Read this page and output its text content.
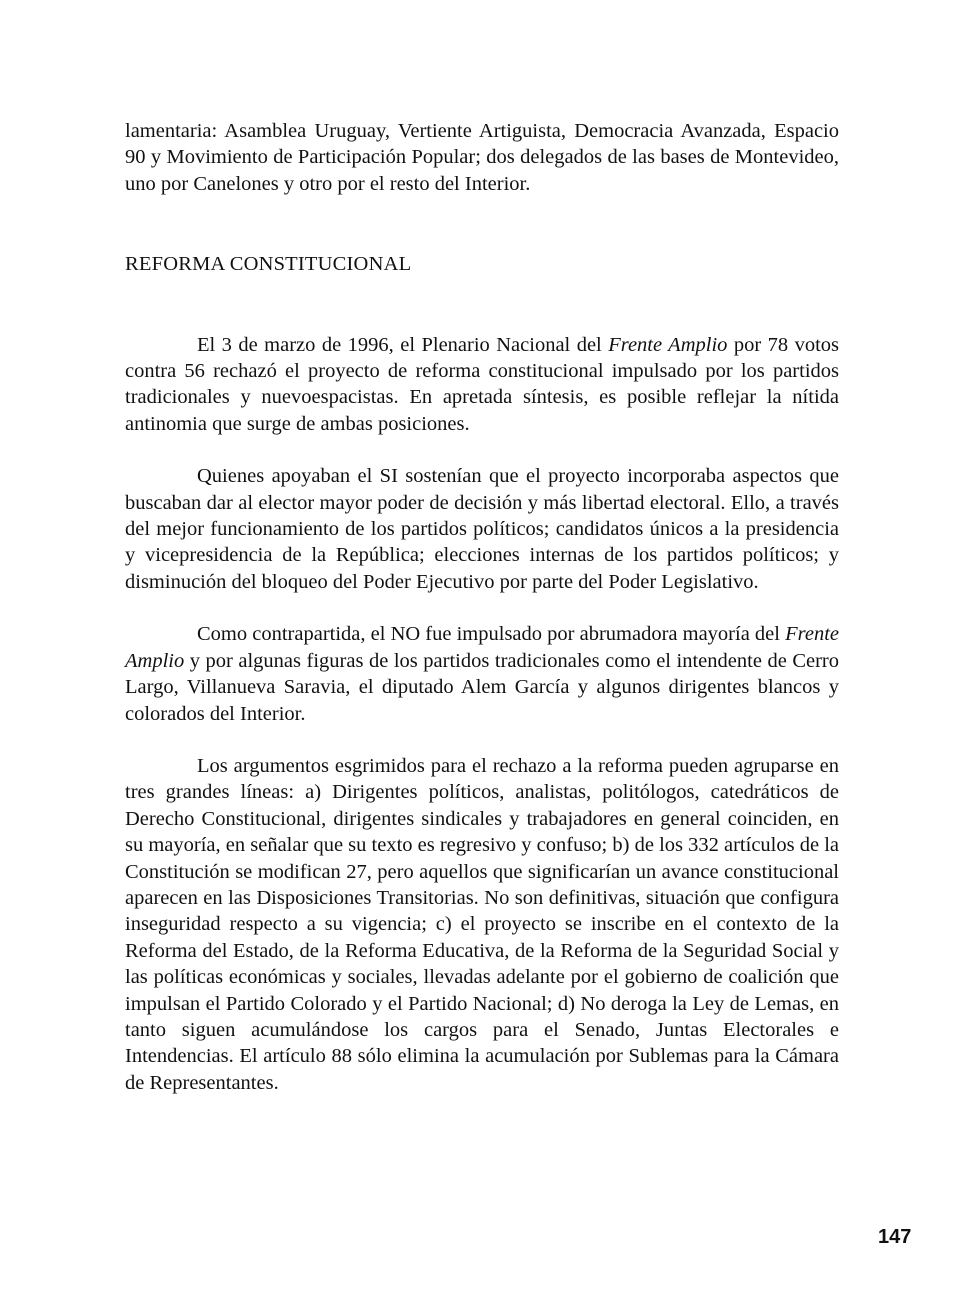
lamentaria: Asamblea Uruguay, Vertiente Artiguista, Democracia Avanzada, Espacio 90 y Movimiento de Participación Popular; dos delegados de las bases de Montevideo, uno por Canelones y otro por el resto del Interior.

REFORMA CONSTITUCIONAL

El 3 de marzo de 1996, el Plenario Nacional del Frente Amplio por 78 votos contra 56 rechazó el proyecto de reforma constitucional impulsado por los partidos tradicionales y nuevoespacistas. En apretada síntesis, es posible reflejar la nítida antinomia que surge de ambas posiciones.

Quienes apoyaban el SI sostenían que el proyecto incorporaba aspectos que buscaban dar al elector mayor poder de decisión y más libertad electoral. Ello, a través del mejor funcionamiento de los partidos políticos; candidatos únicos a la presidencia y vicepresidencia de la República; elecciones internas de los partidos políticos; y disminución del bloqueo del Poder Ejecutivo por parte del Poder Legislativo.

Como contrapartida, el NO fue impulsado por abrumadora mayoría del Frente Amplio y por algunas figuras de los partidos tradicionales como el intendente de Cerro Largo, Villanueva Saravia, el diputado Alem García y algunos dirigentes blancos y colorados del Interior.

Los argumentos esgrimidos para el rechazo a la reforma pueden agruparse en tres grandes líneas: a) Dirigentes políticos, analistas, politólogos, catedráticos de Derecho Constitucional, dirigentes sindicales y trabajadores en general coinciden, en su mayoría, en señalar que su texto es regresivo y confuso; b) de los 332 artículos de la Constitución se modifican 27, pero aquellos que significarían un avance constitucional aparecen en las Disposiciones Transitorias. No son definitivas, situación que configura inseguridad respecto a su vigencia; c) el proyecto se inscribe en el contexto de la Reforma del Estado, de la Reforma Educativa, de la Reforma de la Seguridad Social y las políticas económicas y sociales, llevadas adelante por el gobierno de coalición que impulsan el Partido Colorado y el Partido Nacional; d) No deroga la Ley de Lemas, en tanto siguen acumulándose los cargos para el Senado, Juntas Electorales e Intendencias. El artículo 88 sólo elimina la acumulación por Sublemas para la Cámara de Representantes.

147
